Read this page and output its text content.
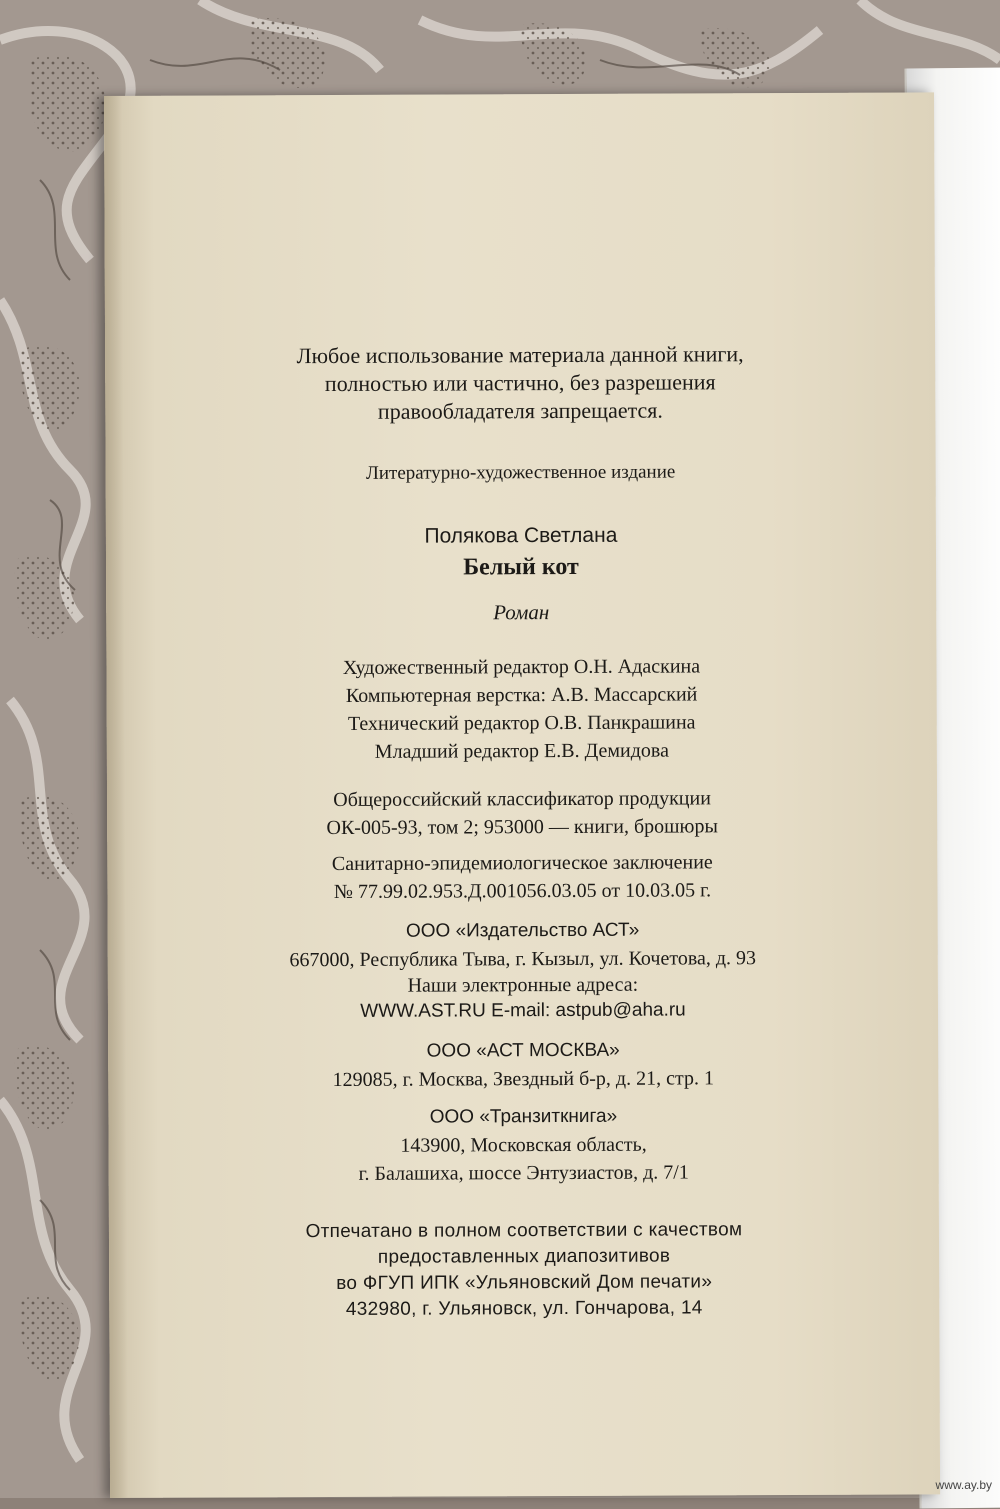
Любое использование материала данной книги,
полностью или частично, без разрешения
правообладателя запрещается.
Литературно-художественное издание
Полякова Светлана
Белый кот
Роман
Художественный редактор О.Н. Адаскина
Компьютерная верстка: А.В. Массарский
Технический редактор О.В. Панкрашина
Младший редактор Е.В. Демидова
Общероссийский классификатор продукции
ОК-005-93, том 2; 953000 — книги, брошюры
Санитарно-эпидемиологическое заключение
№ 77.99.02.953.Д.001056.03.05 от 10.03.05 г.
ООО «Издательство АСТ»
667000, Республика Тыва, г. Кызыл, ул. Кочетова, д. 93
Наши электронные адреса:
WWW.AST.RU E-mail: astpub@aha.ru
ООО «АСТ МОСКВА»
129085, г. Москва, Звездный б-р, д. 21, стр. 1
ООО «Транзиткнига»
143900, Московская область,
г. Балашиха, шоссе Энтузиастов, д. 7/1
Отпечатано в полном соответствии с качеством
предоставленных диапозитивов
во ФГУП ИПК «Ульяновский Дом печати»
432980, г. Ульяновск, ул. Гончарова, 14
www.ay.by
